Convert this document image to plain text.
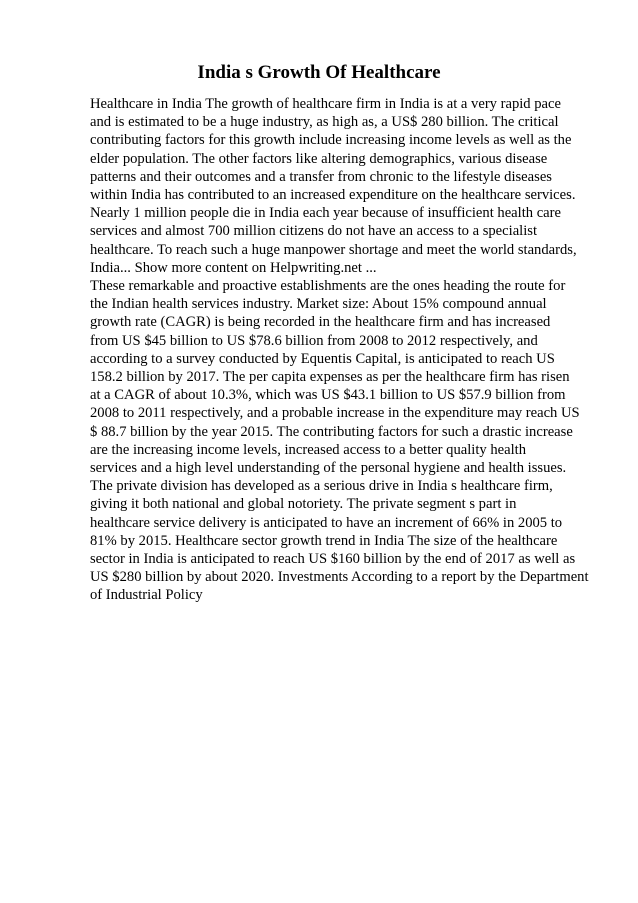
India s Growth Of Healthcare
Healthcare in India The growth of healthcare firm in India is at a very rapid pace
and is estimated to be a huge industry, as high as, a US$ 280 billion. The critical
contributing factors for this growth include increasing income levels as well as the
elder population. The other factors like altering demographics, various disease
patterns and their outcomes and a transfer from chronic to the lifestyle diseases
within India has contributed to an increased expenditure on the healthcare services.
Nearly 1 million people die in India each year because of insufficient health care
services and almost 700 million citizens do not have an access to a specialist
healthcare. To reach such a huge manpower shortage and meet the world standards,
India... Show more content on Helpwriting.net ...
These remarkable and proactive establishments are the ones heading the route for
the Indian health services industry. Market size: About 15% compound annual
growth rate (CAGR) is being recorded in the healthcare firm and has increased
from US $45 billion to US $78.6 billion from 2008 to 2012 respectively, and
according to a survey conducted by Equentis Capital, is anticipated to reach US
158.2 billion by 2017. The per capita expenses as per the healthcare firm has risen
at a CAGR of about 10.3%, which was US $43.1 billion to US $57.9 billion from
2008 to 2011 respectively, and a probable increase in the expenditure may reach US
$ 88.7 billion by the year 2015. The contributing factors for such a drastic increase
are the increasing income levels, increased access to a better quality health
services and a high level understanding of the personal hygiene and health issues.
The private division has developed as a serious drive in India s healthcare firm,
giving it both national and global notoriety. The private segment s part in
healthcare service delivery is anticipated to have an increment of 66% in 2005 to
81% by 2015. Healthcare sector growth trend in India The size of the healthcare
sector in India is anticipated to reach US $160 billion by the end of 2017 as well as
US $280 billion by about 2020. Investments According to a report by the Department
of Industrial Policy
